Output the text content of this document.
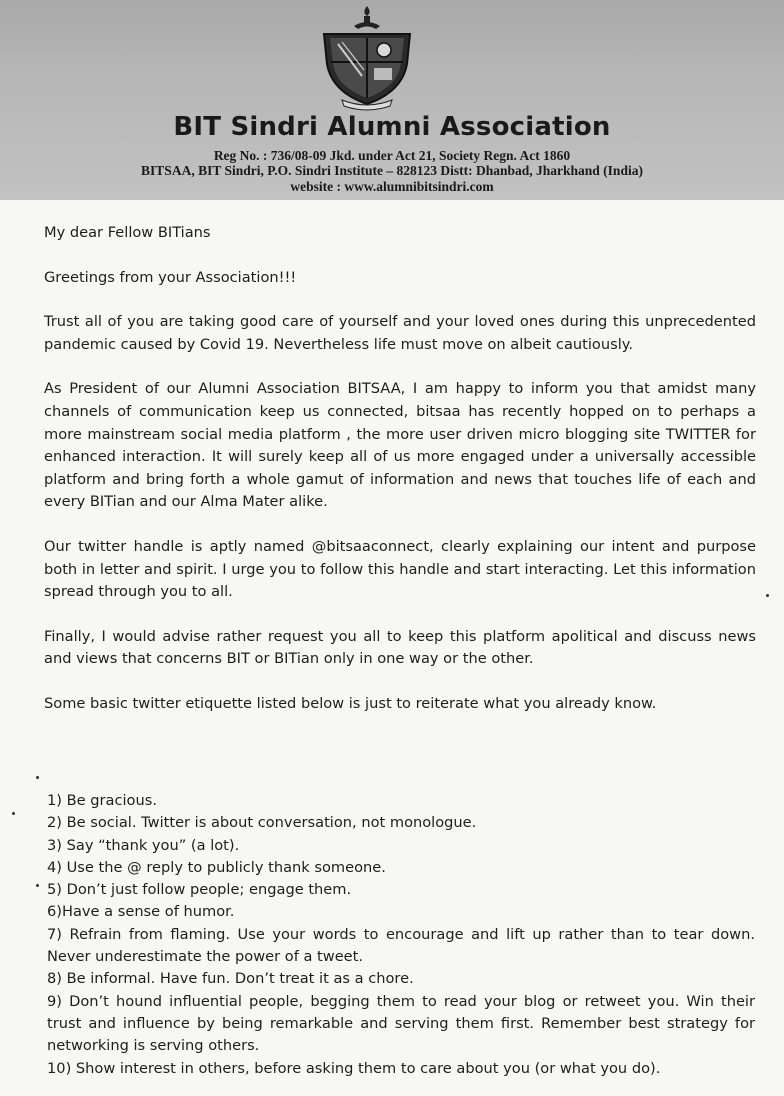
BIT Sindri Alumni Association
Reg No. : 736/08-09 Jkd. under Act 21, Society Regn. Act 1860
BITSAA, BIT Sindri, P.O. Sindri Institute – 828123 Distt: Dhanbad, Jharkhand (India)
website : www.alumnibitsindri.com

My dear Fellow BITians

Greetings from your Association!!!

Trust all of you are taking good care of yourself and your loved ones during this unprecedented pandemic caused by Covid 19. Nevertheless life must move on albeit cautiously.

As President of our Alumni Association BITSAA, I am happy to inform you that amidst many channels of communication keep us connected, bitsaa has recently hopped on to perhaps a more mainstream social media platform , the more user driven micro blogging site TWITTER for enhanced interaction. It will surely keep all of us more engaged under a universally accessible platform and bring forth a whole gamut of information and news that touches life of each and every BITian and our Alma Mater alike.

Our twitter handle is aptly named @bitsaaconnect, clearly explaining our intent and purpose both in letter and spirit. I urge you to follow this handle and start interacting. Let this information spread through you to all.

Finally, I would advise rather request you all to keep this platform apolitical and discuss news and views that concerns BIT or BITian only in one way or the other.

Some basic twitter etiquette listed below is just to reiterate what you already know.

1) Be gracious.
2) Be social. Twitter is about conversation, not monologue.
3) Say “thank you” (a lot).
4) Use the @ reply to publicly thank someone.
5) Don’t just follow people; engage them.
6)Have a sense of humor.
7) Refrain from flaming. Use your words to encourage and lift up rather than to tear down. Never underestimate the power of a tweet.
8) Be informal. Have fun. Don’t treat it as a chore.
9) Don’t hound influential people, begging them to read your blog or retweet you. Win their trust and influence by being remarkable and serving them first. Remember best strategy for networking is serving others.
10) Show interest in others, before asking them to care about you (or what you do).
